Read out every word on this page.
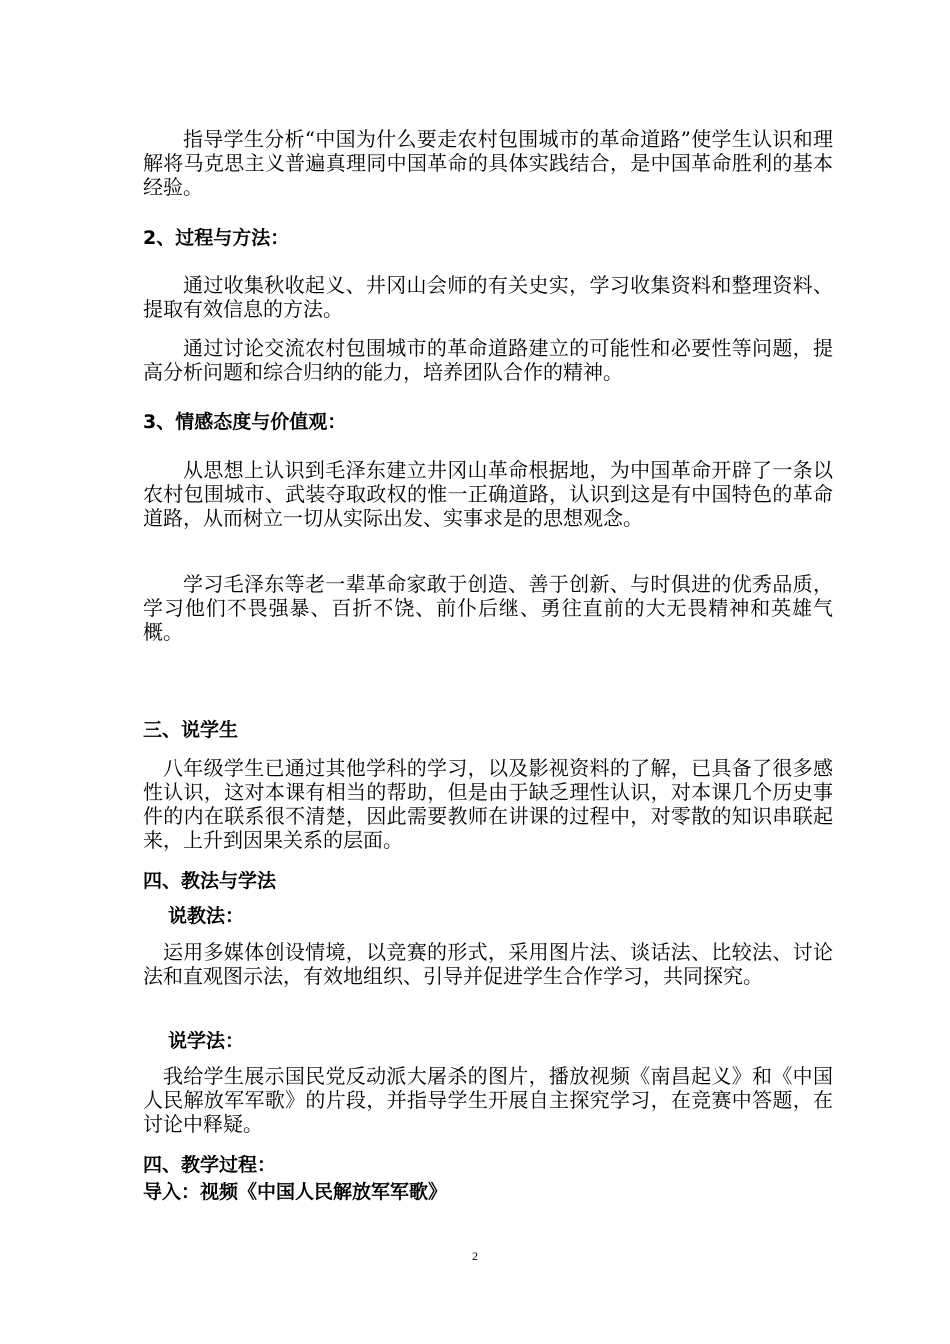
指导学生分析“中国为什么要走农村包围城市的革命道路”使学生认识和理解将马克思主义普遍真理同中国革命的具体实践结合，是中国革命胜利的基本经验。

2、过程与方法：

通过收集秋收起义、井冈山会师的有关史实，学习收集资料和整理资料、提取有效信息的方法。

通过讨论交流农村包围城市的革命道路建立的可能性和必要性等问题，提高分析问题和综合归纳的能力，培养团队合作的精神。

3、情感态度与价值观：

从思想上认识到毛泽东建立井冈山革命根据地，为中国革命开辟了一条以农村包围城市、武装夺取政权的惟一正确道路，认识到这是有中国特色的革命道路，从而树立一切从实际出发、实事求是的思想观念。

学习毛泽东等老一辈革命家敢于创造、善于创新、与时俱进的优秀品质，学习他们不畏强暴、百折不饶、前仆后继、勇往直前的大无畏精神和英雄气概。

三、说学生

八年级学生已通过其他学科的学习，以及影视资料的了解，已具备了很多感性认识，这对本课有相当的帮助，但是由于缺乏理性认识，对本课几个历史事件的内在联系很不清楚，因此需要教师在讲课的过程中，对零散的知识串联起来，上升到因果关系的层面。

四、教法与学法
说教法：

运用多媒体创设情境，以竞赛的形式，采用图片法、谈话法、比较法、讨论法和直观图示法，有效地组织、引导并促进学生合作学习，共同探究。

说学法：

我给学生展示国民党反动派大屠杀的图片，播放视频《南昌起义》和《中国人民解放军军歌》的片段，并指导学生开展自主探究学习，在竞赛中答题，在讨论中释疑。

四、教学过程：
导入：视频《中国人民解放军军歌》
2
